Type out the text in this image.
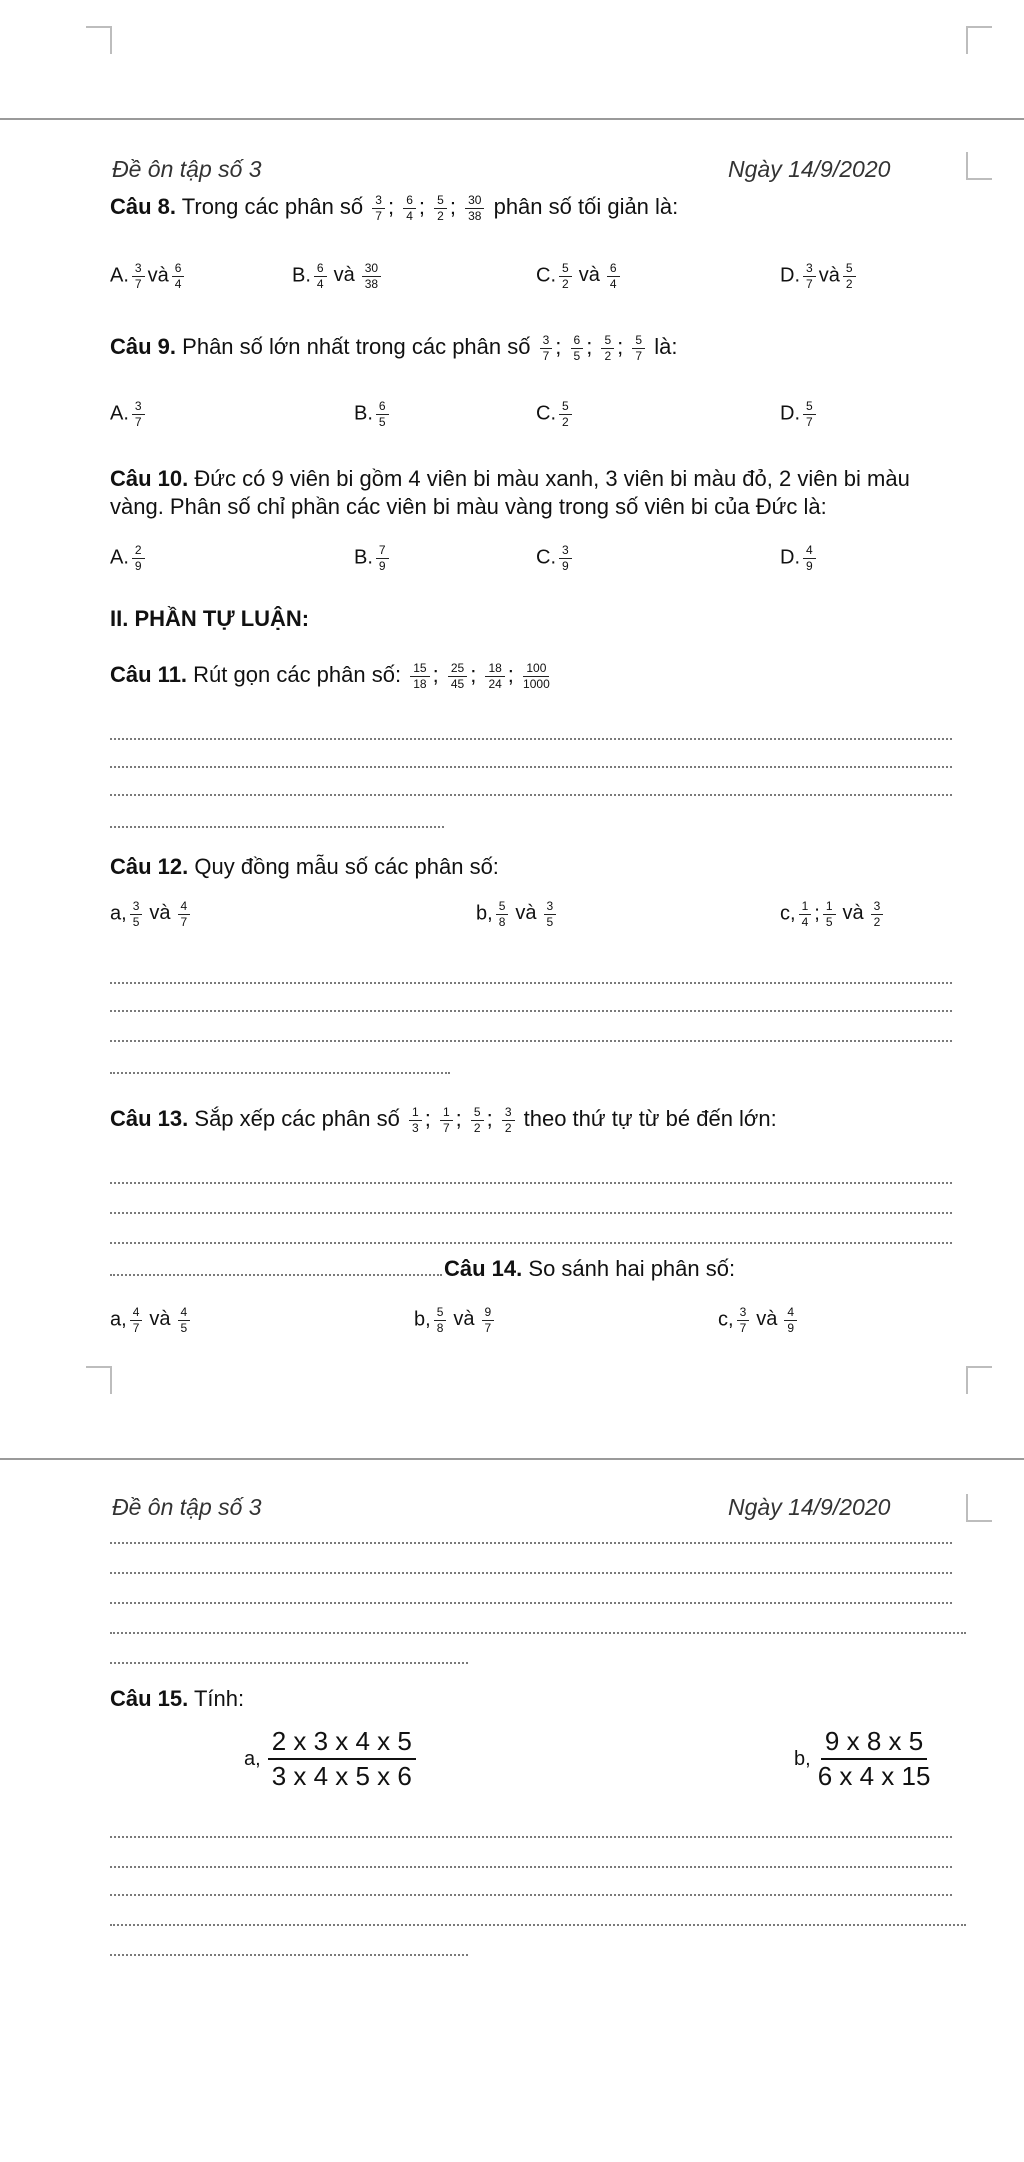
Đề ôn tập số 3	Ngày 14/9/2020
Câu 8. Trong các phân số $\frac{3}{7}$ ; $\frac{6}{4}$ ; $\frac{5}{2}$ ; $\frac{30}{38}$ phân số tối giản là:
A. $\frac{3}{7}$ và $\frac{6}{4}$	B. $\frac{6}{4}$ và $\frac{30}{38}$	C. $\frac{5}{2}$ và $\frac{6}{4}$	D. $\frac{3}{7}$ và $\frac{5}{2}$
Câu 9. Phân số lớn nhất trong các phân số $\frac{3}{7}$ ; $\frac{6}{5}$ ; $\frac{5}{2}$ ; $\frac{5}{7}$ là:
A. $\frac{3}{7}$	B. $\frac{6}{5}$	C. $\frac{5}{2}$	D. $\frac{5}{7}$
Câu 10. Đức có 9 viên bi gồm 4 viên bi màu xanh, 3 viên bi màu đỏ, 2 viên bi màu
vàng. Phân số chỉ phần các viên bi màu vàng trong số viên bi của Đức là:
A. $\frac{2}{9}$	B. $\frac{7}{9}$	C. $\frac{3}{9}$	D. $\frac{4}{9}$
II. PHẦN TỰ LUẬN:
Câu 11. Rút gọn các phân số: $\frac{15}{18}$ ; $\frac{25}{45}$ ; $\frac{18}{24}$ ; $\frac{100}{1000}$
Câu 12. Quy đồng mẫu số các phân số:
a, $\frac{3}{5}$ và $\frac{4}{7}$	b, $\frac{5}{8}$ và $\frac{3}{5}$	c, $\frac{1}{4}$ ; $\frac{1}{5}$ và $\frac{3}{2}$
Câu 13. Sắp xếp các phân số $\frac{1}{3}$ ; $\frac{1}{7}$ ; $\frac{5}{2}$ ; $\frac{3}{2}$ theo thứ tự từ bé đến lớn:
Câu 14. So sánh hai phân số:
a, $\frac{4}{7}$ và $\frac{4}{5}$	b, $\frac{5}{8}$ và $\frac{9}{7}$	c, $\frac{3}{7}$ và $\frac{4}{9}$
Đề ôn tập số 3	Ngày 14/9/2020
Câu 15. Tính:
a, $\frac{2 x 3 x 4 x 5}{3 x 4 x 5 x 6}$	b, $\frac{9 x 8 x 5}{6 x 4 x 15}$
